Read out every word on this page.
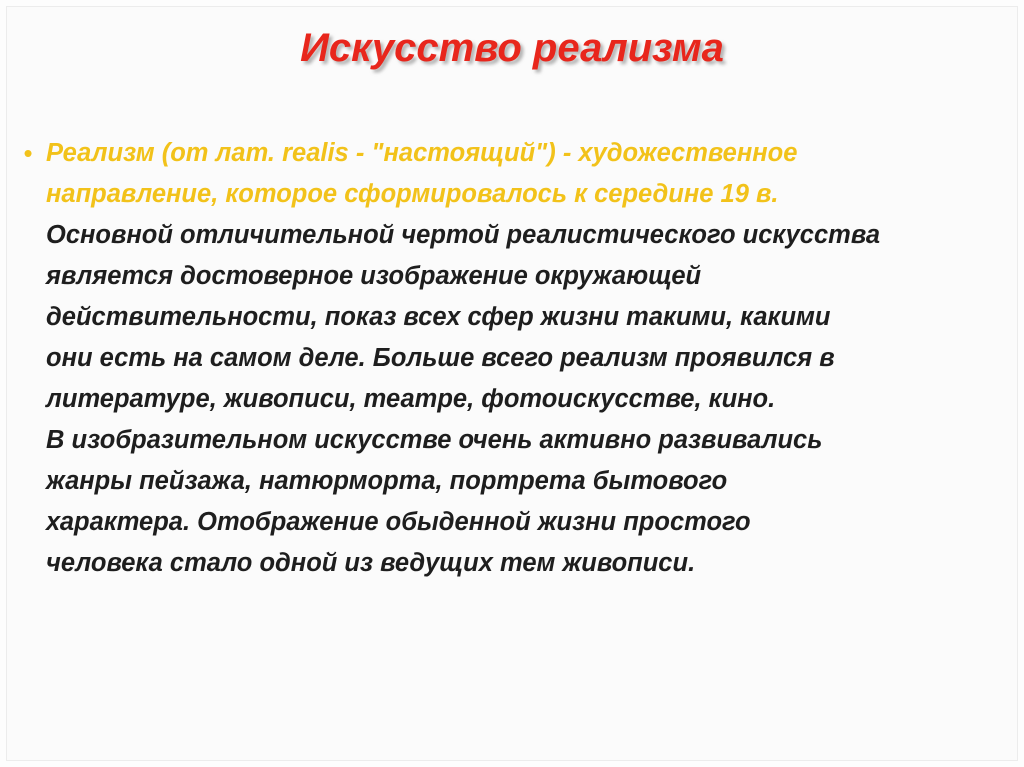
Искусство реализма
• Реализм (от лат. realis - "настоящий") - художественное
направление, которое сформировалось к середине 19 в.
Основной отличительной чертой реалистического искусства
является достоверное изображение окружающей
действительности, показ всех сфер жизни такими, какими
они есть на самом деле. Больше всего реализм проявился в
литературе, живописи, театре, фотоискусстве, кино.
В изобразительном искусстве очень активно развивались
жанры пейзажа, натюрморта, портрета бытового
характера. Отображение обыденной жизни простого
человека стало одной из ведущих тем живописи.
